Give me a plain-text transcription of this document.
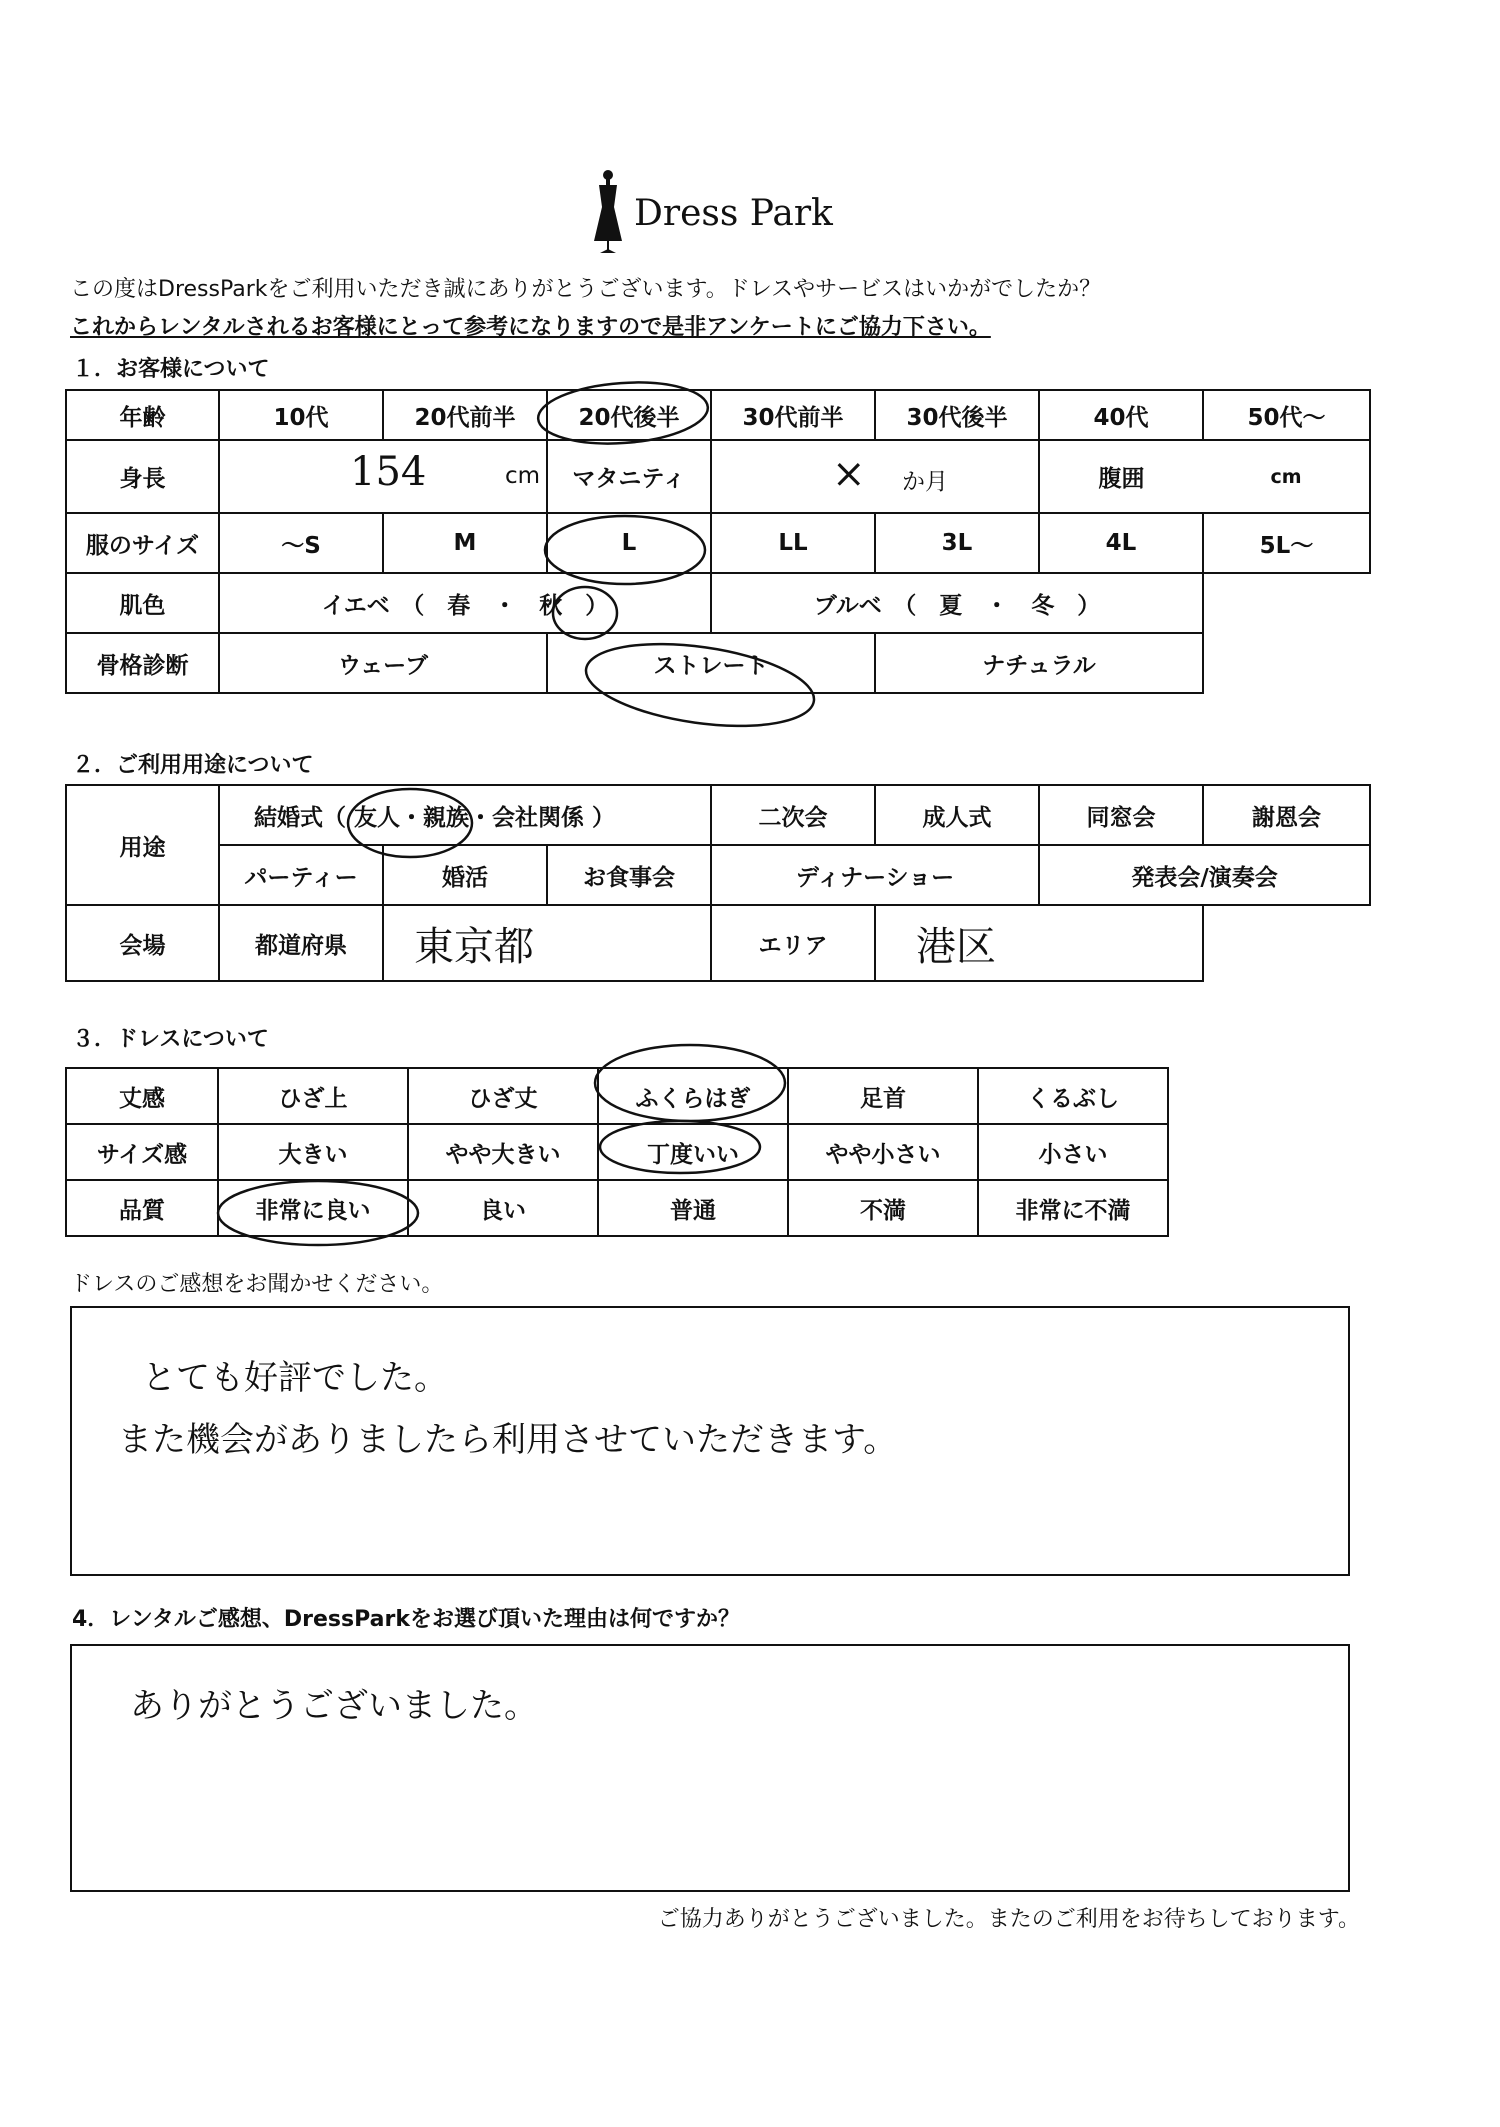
Dress Park
この度はDressParkをご利用いただき誠にありがとうございます。ドレスやサービスはいかがでしたか？
これからレンタルされるお客様にとって参考になりますので是非アンケートにご協力下さい。
１．お客様について
年齢	10代	20代前半	20代後半	30代前半	30代後半	40代	50代〜
身長	154 cm		マタニティ	× か月		腹囲	cm
服のサイズ	〜S	M	L	LL	3L	4L	5L〜
肌色	イエベ　（　春　・　秋　）			ブルベ　（　夏　・　冬　）			
骨格診断	ウェーブ		ストレート		ナチュラル		
２．ご利用用途について
用途	結婚式（ 友人・親族・会社関係 ）			二次会	成人式	同窓会	謝恩会
	パーティー	婚活	お食事会	ディナーショー		発表会/演奏会	
会場	都道府県	東京都		エリア	港区		
３．ドレスについて
丈感	ひざ上	ひざ丈	ふくらはぎ	足首	くるぶし
サイズ感	大きい	やや大きい	丁度いい	やや小さい	小さい
品質	非常に良い	良い	普通	不満	非常に不満
ドレスのご感想をお聞かせください。
とても好評でした。
また機会がありましたら利用させていただきます。
4．レンタルご感想、DressParkをお選び頂いた理由は何ですか？
ありがとうございました。
ご協力ありがとうございました。またのご利用をお待ちしております。
